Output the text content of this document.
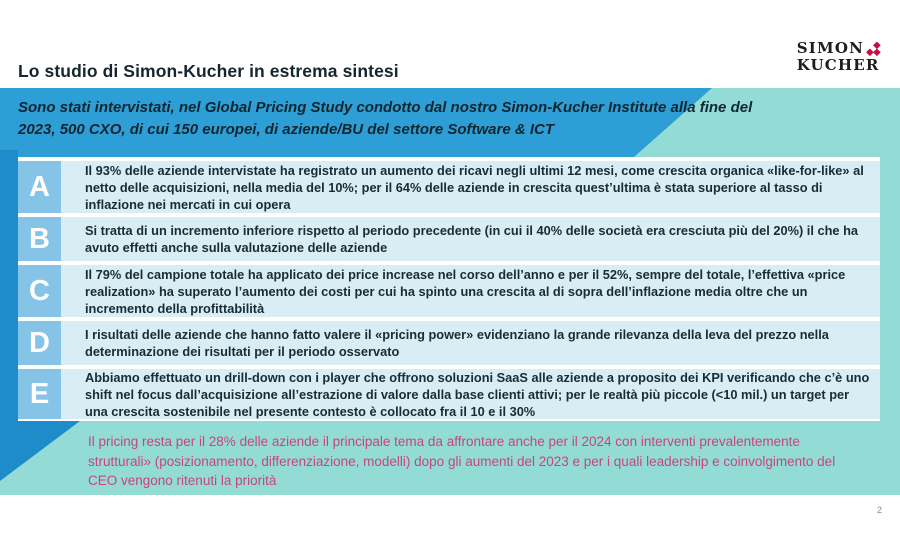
Lo studio di Simon-Kucher in estrema sintesi
SIMON
KUCHER
Sono stati intervistati, nel Global Pricing Study condotto dal nostro Simon-Kucher Institute alla fine del
2023, 500 CXO, di cui 150 europei, di aziende/BU del settore Software & ICT
A
Il 93% delle aziende intervistate ha registrato un aumento dei ricavi negli ultimi 12 mesi, come crescita organica «like-for-like» al netto delle acquisizioni, nella media del 10%; per il 64% delle aziende in crescita quest’ultima è stata superiore al tasso di inflazione nei mercati in cui opera
B	Si tratta di un incremento inferiore rispetto al periodo precedente (in cui il 40% delle società era cresciuta più del 20%) il che ha avuto effetti anche sulla valutazione delle aziende
C
Il 79% del campione totale ha applicato dei price increase nel corso dell’anno e per il 52%, sempre del totale, l’effettiva «price realization» ha superato l’aumento dei costi per cui ha spinto una crescita al di sopra dell’inflazione media oltre che un incremento della profittabilità
D	I risultati delle aziende che hanno fatto valere il «pricing power» evidenziano la grande rilevanza della leva del prezzo nella determinazione dei risultati per il periodo osservato
E
Abbiamo effettuato un drill-down con i player che offrono soluzioni SaaS alle aziende a proposito dei KPI verificando che c’è uno shift nel focus dall’acquisizione all’estrazione di valore dalla base clienti attivi; per le realtà più piccole (<10 mil.) un target per una crescita sostenibile nel presente contesto è collocato fra il 10 e il 30%
Il pricing resta per il 28% delle aziende il principale tema da affrontare anche per il 2024 con interventi prevalentemente strutturali» (posizionamento, differenziazione, modelli) dopo gli aumenti del 2023 e per i quali leadership e coinvolgimento del CEO vengono ritenuti la priorità
2
